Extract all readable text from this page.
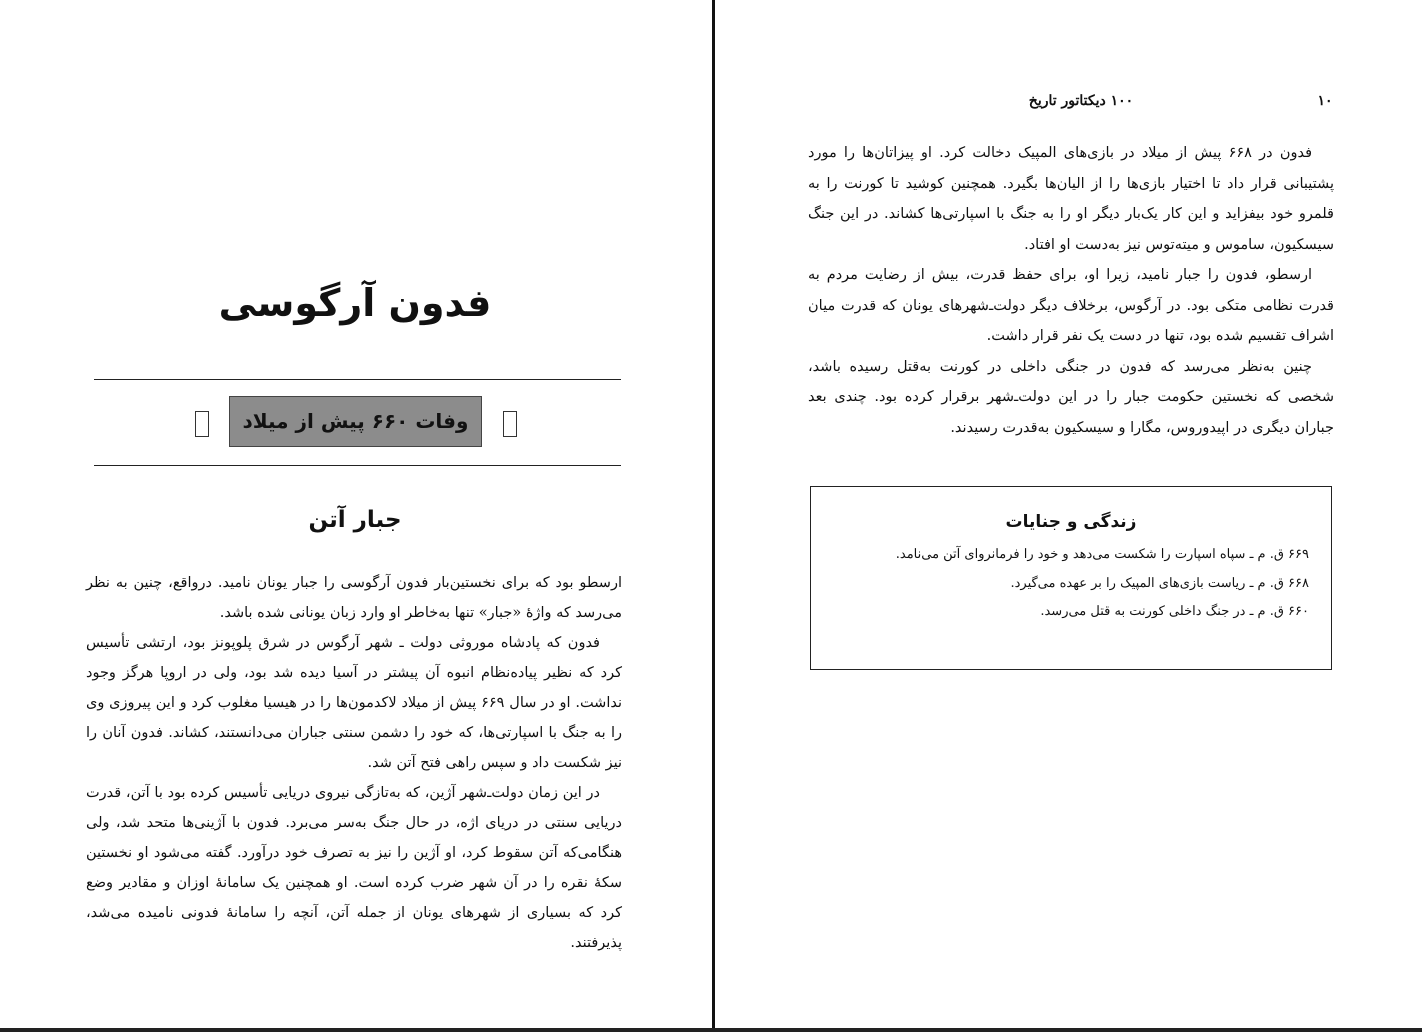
فدون آرگوسی
وفات ۶۶۰ پیش از میلاد
جبار آتن

ارسطو بود که برای نخستین‌بار فدون آرگوسی را جبار یونان نامید. درواقع، چنین به نظر می‌رسد که واژهٔ «جبار» تنها به‌خاطر او وارد زبان یونانی شده باشد.

فدون که پادشاه موروثی دولت ـ شهر آرگوس در شرق پلوپونز بود، ارتشی تأسیس کرد که نظیر پیاده‌نظام انبوه آن پیشتر در آسیا دیده شد بود، ولی در اروپا هرگز وجود نداشت. او در سال ۶۶۹ پیش از میلاد لاکدمون‌ها را در هیسیا مغلوب کرد و این پیروزی وی را به جنگ با اسپارتی‌ها، که خود را دشمن سنتی جباران می‌دانستند، کشاند. فدون آنان را نیز شکست داد و سپس راهی فتح آتن شد.

در این زمان دولت‌ـ‌شهر آژین، که به‌تازگی نیروی دریایی تأسیس کرده بود با آتن، قدرت دریایی سنتی در دریای اژه، در حال جنگ به‌سر می‌برد. فدون با آژینی‌ها متحد شد، ولی هنگامی‌که آتن سقوط کرد، او آژین را نیز به تصرف خود درآورد. گفته می‌شود او نخستین سکهٔ نقره را در آن شهر ضرب کرده است. او همچنین یک سامانهٔ اوزان و مقادیر وضع کرد که بسیاری از شهرهای یونان از جمله آتن، آنچه را سامانهٔ فدونی نامیده می‌شد، پذیرفتند.

۱۰۰ دیکتاتور تاریخ	۱۰

فدون در ۶۶۸ پیش از میلاد در بازی‌های المپیک دخالت کرد. او پیزاتان‌ها را مورد پشتیبانی قرار داد تا اختیار بازی‌ها را از الیان‌ها بگیرد. همچنین کوشید تا کورنت را به قلمرو خود بیفزاید و این کار یک‌بار دیگر او را به جنگ با اسپارتی‌ها کشاند. در این جنگ سیسکیون، ساموس و میته‌توس نیز به‌دست او افتاد.

ارسطو، فدون را جبار نامید، زیرا او، برای حفظ قدرت، بیش از رضایت مردم به قدرت نظامی متکی بود. در آرگوس، برخلاف دیگر دولت‌ـ‌شهرهای یونان که قدرت میان اشراف تقسیم شده بود، تنها در دست یک نفر قرار داشت.

چنین به‌نظر می‌رسد که فدون در جنگی داخلی در کورنت به‌قتل رسیده باشد، شخصی که نخستین حکومت جبار را در این دولت‌ـ‌شهر برقرار کرده بود. چندی بعد جباران دیگری در اپیدوروس، مگارا و سیسکیون به‌قدرت رسیدند.

زندگی و جنایات
۶۶۹ ق. م ـ سپاه اسپارت را شکست می‌دهد و خود را فرمانروای آتن می‌نامد.
۶۶۸ ق. م ـ ریاست بازی‌های المپیک را بر عهده می‌گیرد.
۶۶۰ ق. م ـ در جنگ داخلی کورنت به قتل می‌رسد.
